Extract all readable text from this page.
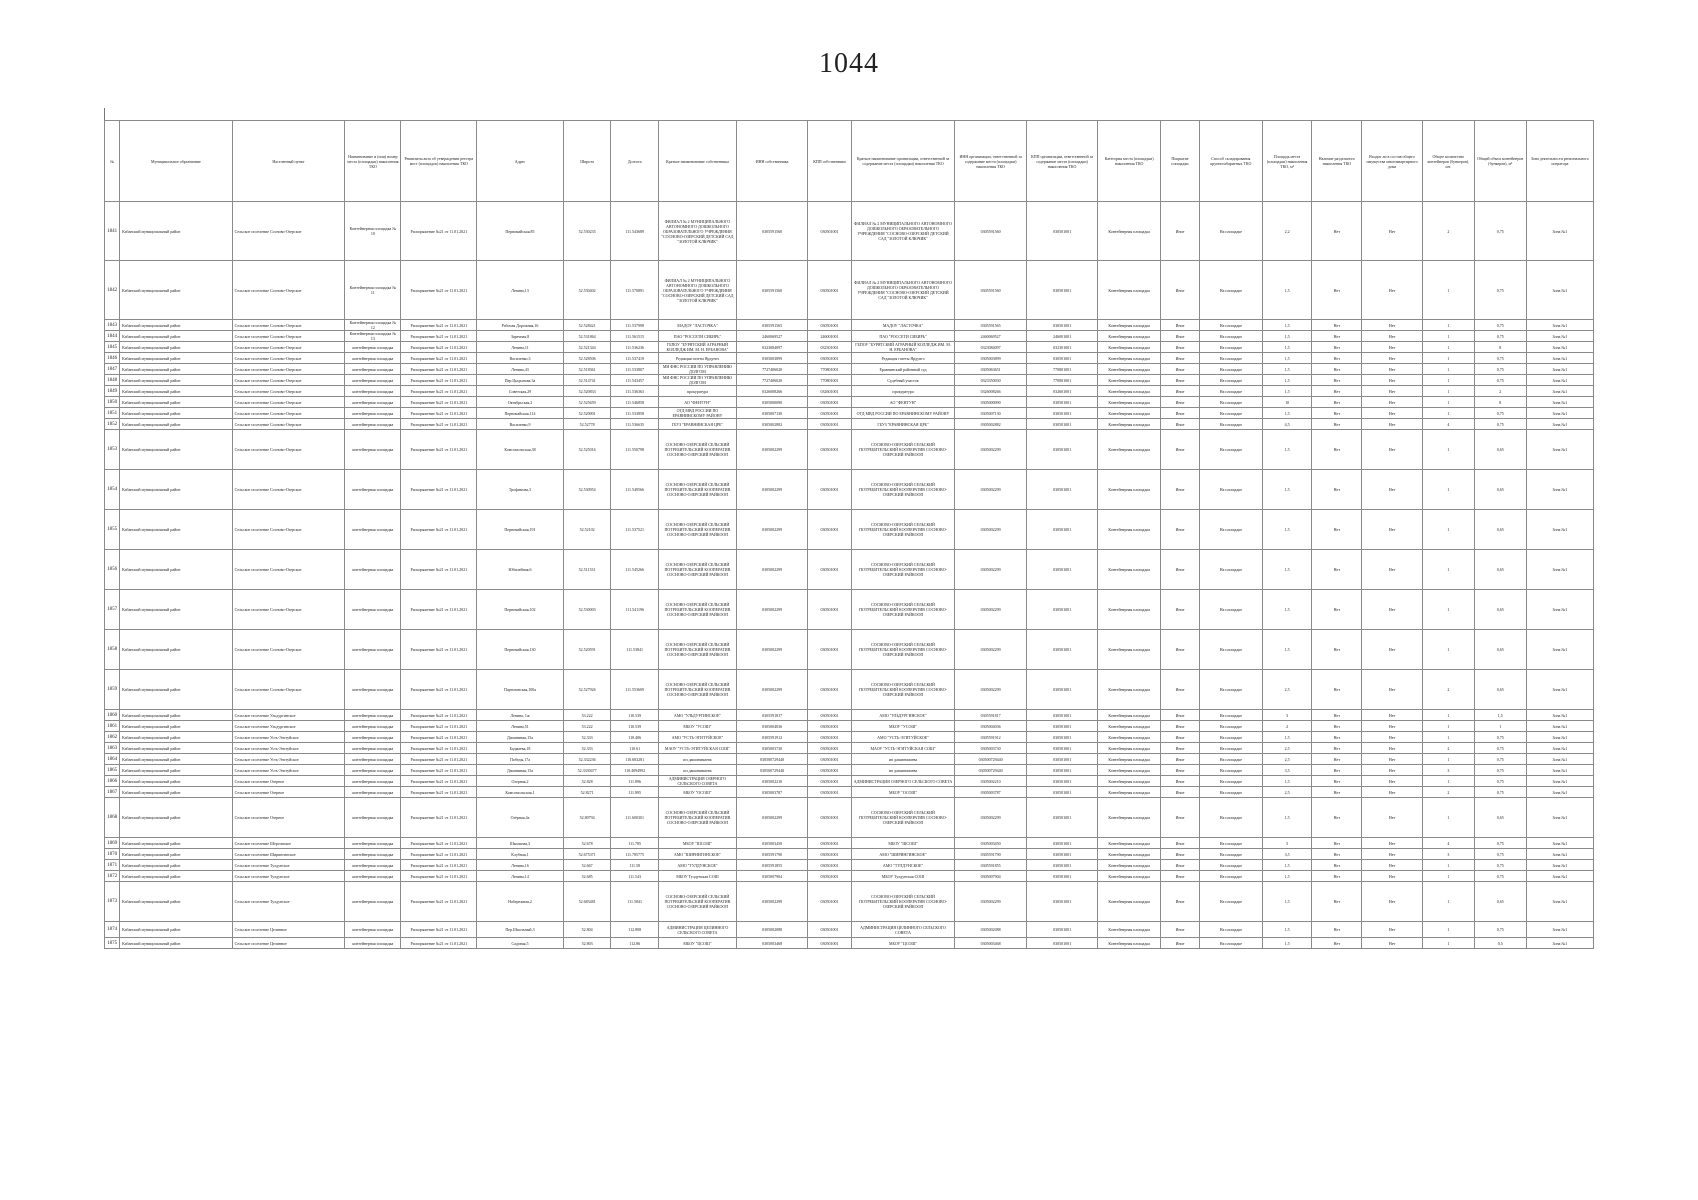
1044
№	Муниципальное образование	Населенный пункт	Наименование и (или) номер места (площадки) накопления ТКО	Реквизиты акта об утверждении реестра мест (площадок) накопления ТКО	Адрес	Широта	Долгота	Краткое наименование собственника	ИНН собственника	КПП собственника	Краткое наименование организации, ответственной за содержание места (площадки) накопления ТКО	ИНН организации, ответственной за содержание места (площадки) накопления ТКО	КПП организации, ответственной за содержание места (площадки) накопления ТКО	Категория места (площадки) накопления ТКО	Покрытие площадки	Способ складирования крупногабаритных ТКО	Площадь места (площадки) накопления ТКО, м²	Наличие раздельного накопления ТКО	Входит ли в состав общего имущества многоквартирного дома	Общее количество контейнеров (бункеров), шт.	Общий объем контейнеров (бункеров), м³	Зона деятельности регионального оператора
1841	Кабанский муниципальный район	Сельское поселение Сосново-Озерское	Контейнерная площадка № 10	Распоряжение №21 от 11.01.2021	Первомайская,85	52.530235	111.543689	ФИЛИАЛ № 2 МУНИЦИПАЛЬНОГО АВТОНОМНОГО ДОШКОЛЬНОГО ОБРАЗОВАТЕЛЬНОГО УЧРЕЖДЕНИЯ "СОСНОВО-ОЗЕРСКИЙ ДЕТСКИЙ САД "ЗОЛОТОЙ КЛЮЧИК"	0305591560	030501001	ФИЛИАЛ № 2 МУНИЦИПАЛЬНОГО АВТОНОМНОГО ДОШКОЛЬНОГО ОБРАЗОВАТЕЛЬНОГО УЧРЕЖДЕНИЯ "СОСНОВО-ОЗЕРСКИЙ ДЕТСКИЙ САД "ЗОЛОТОЙ КЛЮЧИК"	0305591560	030501001	Контейнерная площадка	Иное	На площадке	2,2	Нет	Нет	2	0,75	Зона №1
1842	Кабанский муниципальный район	Сельское поселение Сосново-Озерское	Контейнерная площадка № 11	Распоряжение №21 от 11.01.2021	Ленина,13	52.530402	111.570891	ФИЛИАЛ № 2 МУНИЦИПАЛЬНОГО АВТОНОМНОГО ДОШКОЛЬНОГО ОБРАЗОВАТЕЛЬНОГО УЧРЕЖДЕНИЯ "СОСНОВО-ОЗЕРСКИЙ ДЕТСКИЙ САД "ЗОЛОТОЙ КЛЮЧИК"	0305591560	030501001	ФИЛИАЛ № 2 МУНИЦИПАЛЬНОГО АВТОНОМНОГО ДОШКОЛЬНОГО ОБРАЗОВАТЕЛЬНОГО УЧРЕЖДЕНИЯ "СОСНОВО-ОЗЕРСКИЙ ДЕТСКИЙ САД "ЗОЛОТОЙ КЛЮЧИК"	0305591560	030501001	Контейнерная площадка	Иное	На площадке	1,5	Нет	Нет	1	0,75	Зона №1
1843	Кабанский муниципальный район	Сельское поселение Сосново-Озерское	Контейнерная площадка № 12	Распоряжение №21 от 11.01.2021	Рабочая Дорожная,16	52.528421	111.537998	МАДОУ "ЛАСТОЧКА"	0305591565	030501001	МАДОУ "ЛАСТОЧКА"	0305591565	030501001	Контейнерная площадка	Иное	На площадке	1,5	Нет	Нет	1	0,75	Зона №1
1844	Кабанский муниципальный район	Сельское поселение Сосново-Озерское	Контейнерная площадка № 13	Распоряжение №21 от 11.01.2021	Заречная,8	52.531864	111.561515	ПАО "РОССЕТИ СИБИРЬ"	2460069527	246001001	ПАО "РОССЕТИ СИБИРЬ"	2460069527	246001001	Контейнерная площадка	Иное	На площадке	1,5	Нет	Нет	1	0,75	Зона №1
1845	Кабанский муниципальный район	Сельское поселение Сосново-Озерское	контейнерная площадка	Распоряжение №21 от 11.01.2021	Ленина,11	52.521344	111.536236	ГБПОУ "БУРЯТСКИЙ АГРАРНЫЙ КОЛЛЕДЖ ИМ. М. Н. ЕРБАНОВА"	0323084097	032301001	ГБПОУ "БУРЯТСКИЙ АГРАРНЫЙ КОЛЛЕДЖ ИМ. М. Н. ЕРБАНОВА"	0323084097	032301001	Контейнерная площадка	Иное	На площадке	1,5	Нет	Нет	1	8	Зона №1
1846	Кабанский муниципальный район	Сельское поселение Сосново-Озерское	контейнерная площадка	Распоряжение №21 от 11.01.2021	Василенко,3	52.528506	111.537419	Редакция газеты Ярдунгэ	0305003899	030501001	Редакция газеты Ярдунгэ	0305003899	030501001	Контейнерная площадка	Иное	На площадке	1,5	Нет	Нет	1	0,75	Зона №1
1847	Кабанский муниципальный район	Сельское поселение Сосново-Озерское	контейнерная площадка	Распоряжение №21 от 11.01.2021	Ленина,43	52.518361	111.533807	МИ ФНС РОССИИ ПО УПРАВЛЕНИЮ ДОЛГОМ	7727406020	770801001	Еравнинский районный суд	0305063651	770801001	Контейнерная площадка	Иное	На площадке	1,5	Нет	Нет	1	0,75	Зона №1
1848	Кабанский муниципальный район	Сельское поселение Сосново-Озерское	контейнерная площадка	Распоряжение №21 от 11.01.2021	Пер.Цыдыпова,3а	52.514741	111.543457	МИ ФНС РОССИИ ПО УПРАВЛЕНИЮ ДОЛГОМ	7727406020	770801001	Судебный участок	0323350030	770801001	Контейнерная площадка	Иное	На площадке	1,5	Нет	Нет	1	0,75	Зона №1
1849	Кабанский муниципальный район	Сельское поселение Сосново-Озерское	контейнерная площадка	Распоряжение №21 от 11.01.2021	Советская,29	52.520833	111.536363	прокуратура	0326008266	032601001	прокуратура	0326008266	032601001	Контейнерная площадка	Иное	На площадке	1,5	Нет	Нет	1	2	Зона №1
1850	Кабанский муниципальный район	Сельское поселение Сосново-Озерское	контейнерная площадка	Распоряжение №21 от 11.01.2021	Октябрьская,2	52.525659	111.546858	АО "ФЕНТУН"	0305000090	030501001	АО "ФЕНТУН"	0305000090	030501001	Контейнерная площадка	Иное	На площадке	10	Нет	Нет	1	8	Зона №1
1851	Кабанский муниципальный район	Сельское поселение Сосново-Озерское	контейнерная площадка	Распоряжение №21 от 11.01.2021	Первомайская,114	52.520001	111.533858	ОТД МВД РОССИИ ПО ЕРАВНИНСКОМУ РАЙОНУ	0305007130	030501001	ОТД МВД РОССИИ ПО ЕРАВНИНСКОМУ РАЙОНУ	0305007130	030501001	Контейнерная площадка	Иное	На площадке	1,5	Нет	Нет	1	0,75	Зона №1
1852	Кабанский муниципальный район	Сельское поселение Сосново-Озерское	контейнерная площадка	Распоряжение №21 от 11.01.2021	Василенко,9	52.52778	111.536635	ГБУЗ "ЕРАВНИНСКАЯ ЦРБ"	0305002882	030501001	ГБУЗ "ЕРАВНИНСКАЯ ЦРБ"	0305002882	030501001	Контейнерная площадка	Иное	На площадке	4,5	Нет	Нет	4	0,75	Зона №1
1853	Кабанский муниципальный район	Сельское поселение Сосново-Озерское	контейнерная площадка	Распоряжение №21 от 11.01.2021	Комсомольская,38	52.525016	111.550798	СОСНОВО-ОЗЕРСКИЙ СЕЛЬСКИЙ ПОТРЕБИТЕЛЬСКИЙ КООПЕРАТИВ СОСНОВО-ОЗЕРСКИЙ РАЙКООП	0305002299	030501001	СОСНОВО-ОЗЕРСКИЙ СЕЛЬСКИЙ ПОТРЕБИТЕЛЬСКИЙ КООПЕРАТИВ СОСНОВО-ОЗЕРСКИЙ РАЙКООП	0305002299	030501001	Контейнерная площадка	Иное	На площадке	1,5	Нет	Нет	1	0,65	Зона №1
1854	Кабанский муниципальный район	Сельское поселение Сосново-Озерское	контейнерная площадка	Распоряжение №21 от 11.01.2021	Трофимова,3	52.530954	111.549566	СОСНОВО-ОЗЕРСКИЙ СЕЛЬСКИЙ ПОТРЕБИТЕЛЬСКИЙ КООПЕРАТИВ СОСНОВО-ОЗЕРСКИЙ РАЙКООП	0305002299	030501001	СОСНОВО-ОЗЕРСКИЙ СЕЛЬСКИЙ ПОТРЕБИТЕЛЬСКИЙ КООПЕРАТИВ СОСНОВО-ОЗЕРСКИЙ РАЙКООП	0305002299	030501001	Контейнерная площадка	Иное	На площадке	1,5	Нет	Нет	1	0,65	Зона №1
1855	Кабанский муниципальный район	Сельское поселение Сосново-Озерское	контейнерная площадка	Распоряжение №21 от 11.01.2021	Первомайская,191	52.52102	111.537521	СОСНОВО-ОЗЕРСКИЙ СЕЛЬСКИЙ ПОТРЕБИТЕЛЬСКИЙ КООПЕРАТИВ СОСНОВО-ОЗЕРСКИЙ РАЙКООП	0305002299	030501001	СОСНОВО-ОЗЕРСКИЙ СЕЛЬСКИЙ ПОТРЕБИТЕЛЬСКИЙ КООПЕРАТИВ СОСНОВО-ОЗЕРСКИЙ РАЙКООП	0305002299	030501001	Контейнерная площадка	Иное	На площадке	1,5	Нет	Нет	1	0,65	Зона №1
1856	Кабанский муниципальный район	Сельское поселение Сосново-Озерское	контейнерная площадка	Распоряжение №21 от 11.01.2021	Юбилейная,6	52.511331	111.545266	СОСНОВО-ОЗЕРСКИЙ СЕЛЬСКИЙ ПОТРЕБИТЕЛЬСКИЙ КООПЕРАТИВ СОСНОВО-ОЗЕРСКИЙ РАЙКООП	0305002299	030501001	СОСНОВО-ОЗЕРСКИЙ СЕЛЬСКИЙ ПОТРЕБИТЕЛЬСКИЙ КООПЕРАТИВ СОСНОВО-ОЗЕРСКИЙ РАЙКООП	0305002299	030501001	Контейнерная площадка	Иное	На площадке	1,5	Нет	Нет	1	0,65	Зона №1
1857	Кабанский муниципальный район	Сельское поселение Сосново-Озерское	контейнерная площадка	Распоряжение №21 от 11.01.2021	Первомайская,102	52.530003	111.541196	СОСНОВО-ОЗЕРСКИЙ СЕЛЬСКИЙ ПОТРЕБИТЕЛЬСКИЙ КООПЕРАТИВ СОСНОВО-ОЗЕРСКИЙ РАЙКООП	0305002299	030501001	СОСНОВО-ОЗЕРСКИЙ СЕЛЬСКИЙ ПОТРЕБИТЕЛЬСКИЙ КООПЕРАТИВ СОСНОВО-ОЗЕРСКИЙ РАЙКООП	0305002299	030501001	Контейнерная площадка	Иное	На площадке	1,5	Нет	Нет	1	0,65	Зона №1
1858	Кабанский муниципальный район	Сельское поселение Сосново-Озерское	контейнерная площадка	Распоряжение №21 от 11.01.2021	Первомайская,130	52.520591	111.53841	СОСНОВО-ОЗЕРСКИЙ СЕЛЬСКИЙ ПОТРЕБИТЕЛЬСКИЙ КООПЕРАТИВ СОСНОВО-ОЗЕРСКИЙ РАЙКООП	0305002299	030501001	СОСНОВО-ОЗЕРСКИЙ СЕЛЬСКИЙ ПОТРЕБИТЕЛЬСКИЙ КООПЕРАТИВ СОСНОВО-ОЗЕРСКИЙ РАЙКООП	0305002299	030501001	Контейнерная площадка	Иное	На площадке	1,5	Нет	Нет	1	0,65	Зона №1
1859	Кабанский муниципальный район	Сельское поселение Сосново-Озерское	контейнерная площадка	Распоряжение №21 от 11.01.2021	Партизанская,100а	52.527926	111.553609	СОСНОВО-ОЗЕРСКИЙ СЕЛЬСКИЙ ПОТРЕБИТЕЛЬСКИЙ КООПЕРАТИВ СОСНОВО-ОЗЕРСКИЙ РАЙКООП	0305002299	030501001	СОСНОВО-ОЗЕРСКИЙ СЕЛЬСКИЙ ПОТРЕБИТЕЛЬСКИЙ КООПЕРАТИВ СОСНОВО-ОЗЕРСКИЙ РАЙКООП	0305002299	030501001	Контейнерная площадка	Иное	На площадке	2,5	Нет	Нет	2	0,65	Зона №1
1860	Кабанский муниципальный район	Сельское поселение Ульдургинское	контейнерная площадка	Распоряжение №21 от 11.01.2021	Ленина, 1ж	53.222	110.539	АМО "УЛЬДУРГИНСКОЕ"	0305591817	030501001	АМО "УЛЬДУРГИНСКОЕ"	0305591817	030501001	Контейнерная площадка	Иное	На площадке	3	Нет	Нет	1	1,5	Зона №1
1861	Кабанский муниципальный район	Сельское поселение Ульдургинское	контейнерная площадка	Распоряжение №21 от 11.01.2021	Ленина,51	53.222	110.539	МБОУ "УСОШ"	0305004036	030501001	МБОУ "УСОШ"	0305004036	030501001	Контейнерная площадка	Иное	На площадке	2	Нет	Нет	1	1	Зона №1
1862	Кабанский муниципальный район	Сельское поселение Усть-Эгитуйское	контейнерная площадка	Распоряжение №21 от 11.01.2021	Дашинимы,15а	52.333	110.406	АМО "УСТЬ-ЭГИТУЙСКОЕ"	0305591912	030501001	АМО "УСТЬ-ЭГИТУЙСКОЕ"	0305591912	030501001	Контейнерная площадка	Иное	На площадке	1,5	Нет	Нет	1	0,75	Зона №1
1863	Кабанский муниципальный район	Сельское поселение Усть-Эгитуйское	контейнерная площадка	Распоряжение №21 от 11.01.2021	Бадмаева,18	52.333	110.61	МАОУ "УСТЬ-ЭГИТУЙСКАЯ СОШ"	0305003730	030501001	МАОУ "УСТЬ-ЭГИТУЙСКАЯ СОШ"	0305003730	030501001	Контейнерная площадка	Иное	На площадке	2,5	Нет	Нет	2	0,75	Зона №1
1864	Кабанский муниципальный район	Сельское поселение Усть-Эгитуйское	контейнерная площадка	Распоряжение №21 от 11.01.2021	Победы,17а	52.332236	110.603281	ип дашинимаева	030500729440	030501001	ип дашинимаева	030500729440	030501001	Контейнерная площадка	Иное	На площадке	2,5	Нет	Нет	1	0,75	Зона №1
1865	Кабанский муниципальный район	Сельское поселение Усть-Эгитуйское	контейнерная площадка	Распоряжение №21 от 11.01.2021	Дашинимы,15а	52.3330477	110.4094992	ип дашинимаева	030500729440	030501001	ип дашинимаева	030500729440	030501001	Контейнерная площадка	Иное	На площадке	3,5	Нет	Нет	3	0,75	Зона №1
1866	Кабанский муниципальный район	Сельское поселение Озерное	контейнерная площадка	Распоряжение №21 от 11.01.2021	Озерная,2	52.828	111.896	АДМИНИСТРАЦИЯ ОЗЕРНОГО СЕЛЬСКОГО СОВЕТА	0305002210	030501001	АДМИНИСТРАЦИЯ ОЗЕРНОГО СЕЛЬСКОГО СОВЕТА	0305002210	030501001	Контейнерная площадка	Иное	На площадке	1,5	Нет	Нет	1	0,75	Зона №1
1867	Кабанский муниципальный район	Сельское поселение Озерное	контейнерная площадка	Распоряжение №21 от 11.01.2021	Комсомольская,1	52.8271	111.895	МБОУ "ОСОШ"	0305003787	030501001	МБОУ "ОСОШ"	0305003787	030501001	Контейнерная площадка	Иное	На площадке	2,5	Нет	Нет	2	0,75	Зона №1
1868	Кабанский муниципальный район	Сельское поселение Озерное	контейнерная площадка	Распоряжение №21 от 11.01.2021	Озёрная,4а	52.80794	111.600301	СОСНОВО-ОЗЕРСКИЙ СЕЛЬСКИЙ ПОТРЕБИТЕЛЬСКИЙ КООПЕРАТИВ СОСНОВО-ОЗЕРСКИЙ РАЙКООП	0305002299	030501001	СОСНОВО-ОЗЕРСКИЙ СЕЛЬСКИЙ ПОТРЕБИТЕЛЬСКИЙ КООПЕРАТИВ СОСНОВО-ОЗЕРСКИЙ РАЙКООП	0305002299	030501001	Контейнерная площадка	Иное	На площадке	1,5	Нет	Нет	1	0,65	Зона №1
1869	Кабанский муниципальный район	Сельское поселение Шергинское	контейнерная площадка	Распоряжение №21 от 11.01.2021	Школьная,3	52.678	111.785	МБОУ "ШСОШ"	0305003450	030501001	МБОУ "ШСОШ"	0305003450	030501001	Контейнерная площадка	Иное	На площадке	5	Нет	Нет	4	0,75	Зона №1
1870	Кабанский муниципальный район	Сельское поселение Ширингинское	контейнерная площадка	Распоряжение №21 от 11.01.2021	Клубная,1	52.675371	111.785775	АМО "ШИРИНГИНСКОЕ"	0305591790	030501001	АМО "ШИРИНГИНСКОЕ"	0305591790	030501001	Контейнерная площадка	Иное	На площадке	3,5	Нет	Нет	3	0,75	Зона №1
1871	Кабанский муниципальный район	Сельское поселение Тулдунское	контейнерная площадка	Распоряжение №21 от 11.01.2021	Ленина,16	52.667	111.58	АМО "ТУЛДУНСКОЕ"	0305591855	030501001	АМО "ТУЛДУНСКОЕ"	0305591855	030501001	Контейнерная площадка	Иное	На площадке	1,5	Нет	Нет	1	0,75	Зона №1
1872	Кабанский муниципальный район	Сельское поселение Тулдунское	контейнерная площадка	Распоряжение №21 от 11.01.2021	Ленина,14	52.685	111.543	МБОУ Тулдунская СОШ	0305007904	030501001	МБОУ Тулдунская СОШ	0305007904	030501001	Контейнерная площадка	Иное	На площадке	1,5	Нет	Нет	1	0,75	Зона №1
1873	Кабанский муниципальный район	Сельское поселение Тулдунское	контейнерная площадка	Распоряжение №21 от 11.01.2021	Набережная,2	52.683481	111.5841	СОСНОВО-ОЗЕРСКИЙ СЕЛЬСКИЙ ПОТРЕБИТЕЛЬСКИЙ КООПЕРАТИВ СОСНОВО-ОЗЕРСКИЙ РАЙКООП	0305002299	030501001	СОСНОВО-ОЗЕРСКИЙ СЕЛЬСКИЙ ПОТРЕБИТЕЛЬСКИЙ КООПЕРАТИВ СОСНОВО-ОЗЕРСКИЙ РАЙКООП	0305002299	030501001	Контейнерная площадка	Иное	На площадке	1,5	Нет	Нет	1	0,65	Зона №1
1874	Кабанский муниципальный район	Сельское поселение Целинное	контейнерная площадка	Распоряжение №21 от 11.01.2021	Пер.Школьный,3	52.804	112.808	АДМИНИСТРАЦИЯ ЦЕЛИННОГО СЕЛЬСКОГО СОВЕТА	0305002088	030501001	АДМИНИСТРАЦИЯ ЦЕЛИННОГО СЕЛЬСКОГО СОВЕТА	0305002088	030501001	Контейнерная площадка	Иное	На площадке	1,5	Нет	Нет	1	0,75	Зона №1
1875	Кабанский муниципальный район	Сельское поселение Целинное	контейнерная площадка	Распоряжение №21 от 11.01.2021	Садовая,5	52.803	112.86	МБОУ "ЦСОШ"	0305003468	030501001	МБОУ "ЦСОШ"	0305003468	030501001	Контейнерная площадка	Иное	На площадке	1,5	Нет	Нет	1	0,5	Зона №1
